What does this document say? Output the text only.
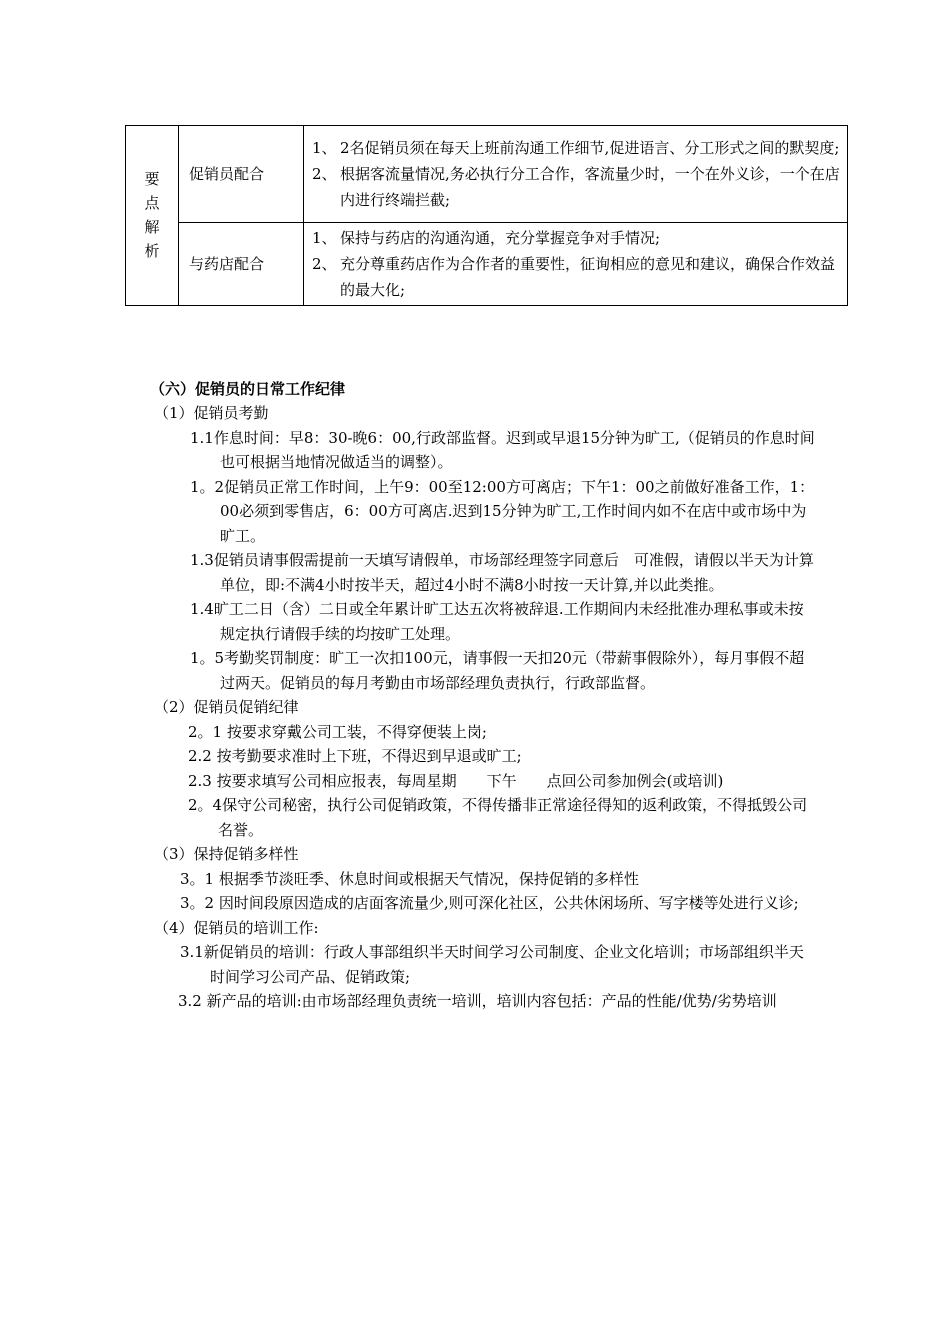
要点解析	促销员配合	1、 2名促销员须在每天上班前沟通工作细节,促进语言、分工形式之间的默契度;
2、 根据客流量情况,务必执行分工合作，客流量少时，一个在外义诊，一个在店内进行终端拦截;

	与药店配合	1、 保持与药店的沟通沟通，充分掌握竞争对手情况;
2、 充分尊重药店作为合作者的重要性，征询相应的意见和建议，确保合作效益的最大化;
（六）促销员的日常工作纪律
（1）促销员考勤
1.1作息时间：早8：30-晚6：00,行政部监督。迟到或早退15分钟为旷工,（促销员的作息时间也可根据当地情况做适当的调整）。
1。2促销员正常工作时间，上午9：00至12:00方可离店；下午1：00之前做好准备工作，1：00必须到零售店，6：00方可离店.迟到15分钟为旷工,工作时间内如不在店中或市场中为旷工。
1.3促销员请事假需提前一天填写请假单，市场部经理签字同意后　可准假，请假以半天为计算单位，即:不满4小时按半天，超过4小时不满8小时按一天计算,并以此类推。
1.4旷工二日（含）二日或全年累计旷工达五次将被辞退.工作期间内未经批准办理私事或未按规定执行请假手续的均按旷工处理。
1。5考勤奖罚制度：旷工一次扣100元，请事假一天扣20元（带薪事假除外），每月事假不超过两天。促销员的每月考勤由市场部经理负责执行，行政部监督。
（2）促销员促销纪律
2。1 按要求穿戴公司工装，不得穿便装上岗;
2.2 按考勤要求准时上下班，不得迟到早退或旷工;
2.3 按要求填写公司相应报表，每周星期　　下午　　点回公司参加例会(或培训)
2。4保守公司秘密，执行公司促销政策，不得传播非正常途径得知的返利政策，不得抵毁公司名誉。
（3）保持促销多样性
3。1 根据季节淡旺季、休息时间或根据天气情况，保持促销的多样性
3。2 因时间段原因造成的店面客流量少,则可深化社区，公共休闲场所、写字楼等处进行义诊;
（4）促销员的培训工作:
3.1新促销员的培训：行政人事部组织半天时间学习公司制度、企业文化培训；市场部组织半天时间学习公司产品、促销政策;
3.2 新产品的培训:由市场部经理负责统一培训，培训内容包括：产品的性能/优势/劣势培训
